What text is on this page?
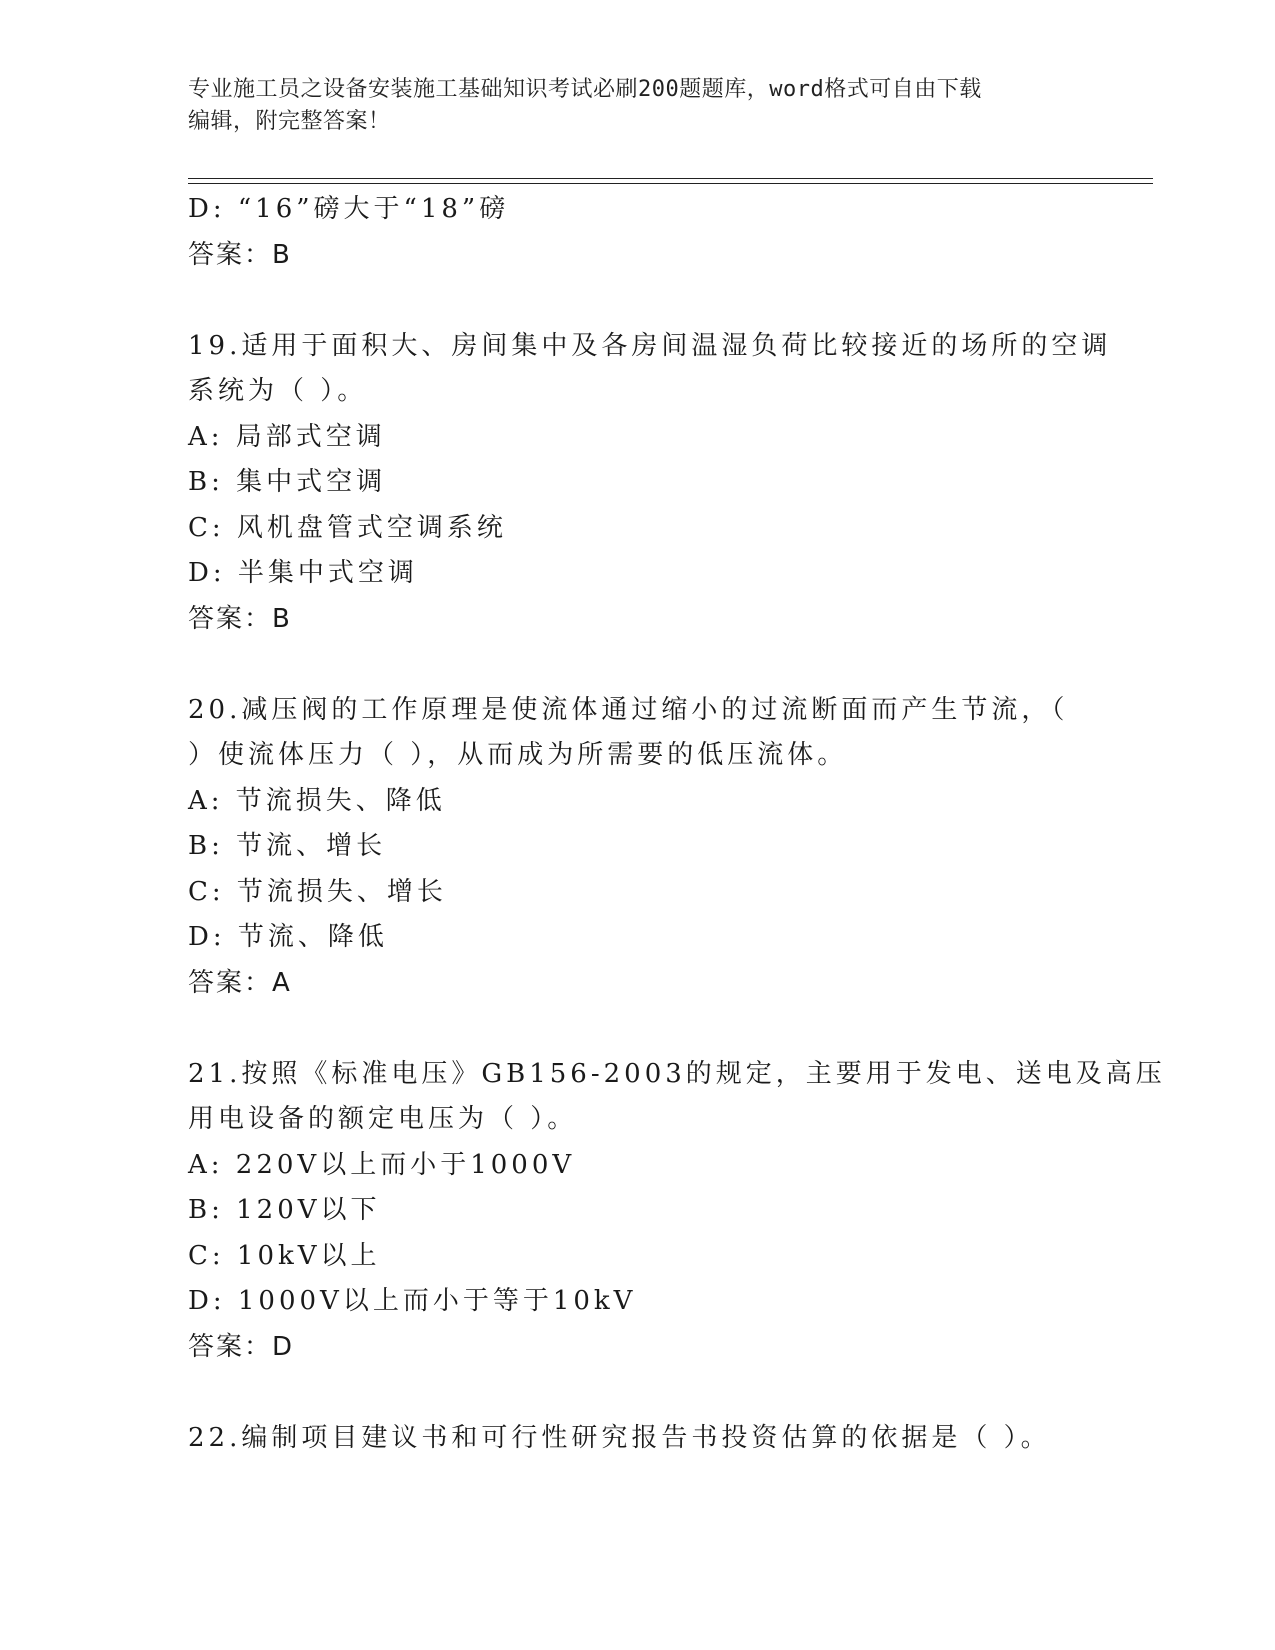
专业施工员之设备安装施工基础知识考试必刷200题题库，word格式可自由下载
编辑，附完整答案！
D: “16”磅大于“18”磅
答案：B
19.适用于面积大、房间集中及各房间温湿负荷比较接近的场所的空调
系统为（ ）。
A: 局部式空调
B: 集中式空调
C: 风机盘管式空调系统
D: 半集中式空调
答案：B
20.减压阀的工作原理是使流体通过缩小的过流断面而产生节流，（
）使流体压力（ ），从而成为所需要的低压流体。
A: 节流损失、降低
B: 节流、增长
C: 节流损失、增长
D: 节流、降低
答案：A
21.按照《标准电压》GB156-2003的规定，主要用于发电、送电及高压
用电设备的额定电压为（ ）。
A: 220V以上而小于1000V
B: 120V以下
C: 10kV以上
D: 1000V以上而小于等于10kV
答案：D
22.编制项目建议书和可行性研究报告书投资估算的依据是（ ）。
